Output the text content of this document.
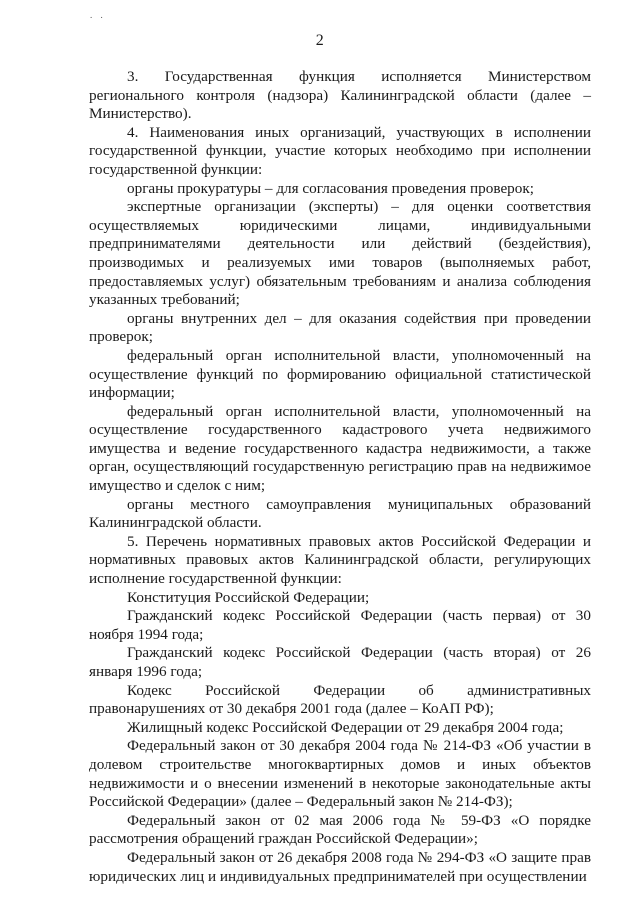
. .
2

3. Государственная функция исполняется Министерством регионального контроля (надзора) Калининградской области (далее – Министерство).

4. Наименования иных организаций, участвующих в исполнении государственной функции, участие которых необходимо при исполнении государственной функции:

органы прокуратуры – для согласования проведения проверок;

экспертные организации (эксперты) – для оценки соответствия осуществляемых юридическими лицами, индивидуальными предпринимателями деятельности или действий (бездействия), производимых и реализуемых ими товаров (выполняемых работ, предоставляемых услуг) обязательным требованиям и анализа соблюдения указанных требований;

органы внутренних дел – для оказания содействия при проведении проверок;

федеральный орган исполнительной власти, уполномоченный на осуществление функций по формированию официальной статистической информации;

федеральный орган исполнительной власти, уполномоченный на осуществление государственного кадастрового учета недвижимого имущества и ведение государственного кадастра недвижимости, а также орган, осуществляющий государственную регистрацию прав на недвижимое имущество и сделок с ним;

органы местного самоуправления муниципальных образований Калининградской области.

5. Перечень нормативных правовых актов Российской Федерации и нормативных правовых актов Калининградской области, регулирующих исполнение государственной функции:

Конституция Российской Федерации;

Гражданский кодекс Российской Федерации (часть первая) от 30 ноября 1994 года;

Гражданский кодекс Российской Федерации (часть вторая) от 26 января 1996 года;

Кодекс Российской Федерации об административных правонарушениях от 30 декабря 2001 года (далее – КоАП РФ);

Жилищный кодекс Российской Федерации от 29 декабря 2004 года;

Федеральный закон от 30 декабря 2004 года № 214-ФЗ «Об участии в долевом строительстве многоквартирных домов и иных объектов недвижимости и о внесении изменений в некоторые законодательные акты Российской Федерации» (далее – Федеральный закон № 214-ФЗ);

Федеральный закон от 02 мая 2006 года № 59-ФЗ «О порядке рассмотрения обращений граждан Российской Федерации»;

Федеральный закон от 26 декабря 2008 года № 294-ФЗ «О защите прав юридических лиц и индивидуальных предпринимателей при осуществлении
